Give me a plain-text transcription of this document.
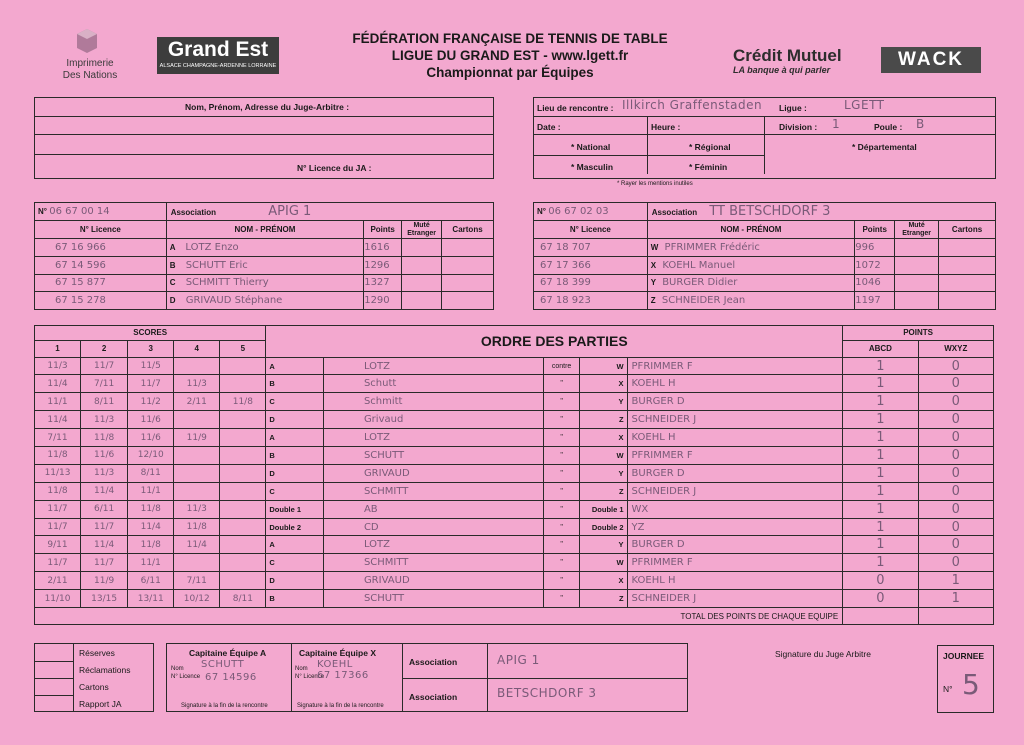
Imprimerie
Des Nations
Grand Est
ALSACE CHAMPAGNE-ARDENNE LORRAINE
FÉDÉRATION FRANÇAISE DE TENNIS DE TABLE
LIGUE DU GRAND EST - www.lgett.fr
Championnat par Équipes
Crédit Mutuel
LA banque à qui parler	WACK
Nom, Prénom, Adresse du Juge-Arbitre :
N° Licence du JA :
Lieu de rencontre : Illkirch Graffenstaden Ligue :	LGETT
Date :	Heure :	Division : 1	Poule : B
* National	* Régional	* Départemental
* Masculin	* Féminin
* Rayer les mentions inutiles
N° 06 67 00 14	Association APIG 1			
N° Licence	NOM - PRÉNOM	Points	Muté Etranger	Cartons
67 16 966	A LOTZ Enzo	1616		
67 14 596	B SCHUTT Eric	1296		
67 15 877	C SCHMITT Thierry	1327		
67 15 278	D GRIVAUD Stéphane	1290		
N° 06 67 02 03	Association TT BETSCHDORF 3			
N° Licence	NOM - PRÉNOM	Points	Muté Etranger	Cartons
67 18 707	W PFRIMMER Frédéric	996		
67 17 366	X KOEHL Manuel	1072		
67 18 399	Y BURGER Didier	1046		
67 18 923	Z SCHNEIDER Jean	1197		
SCORES					ORDRE DES PARTIES					POINTS	
1	2	3	4	5						ABCD	WXYZ
11/3	11/7	11/5			A	LOTZ	contre	W	PFRIMMER F	1	0
11/4	7/11	11/7	11/3		B	Schutt	"	X	KOEHL H	1	0
11/1	8/11	11/2	2/11	11/8	C	Schmitt	"	Y	BURGER D	1	0
11/4	11/3	11/6			D	Grivaud	"	Z	SCHNEIDER J	1	0
7/11	11/8	11/6	11/9		A	LOTZ	"	X	KOEHL H	1	0
11/8	11/6	12/10			B	SCHUTT	"	W	PFRIMMER F	1	0
11/13	11/3	8/11			D	GRIVAUD	"	Y	BURGER D	1	0
11/8	11/4	11/1			C	SCHMITT	"	Z	SCHNEIDER J	1	0
11/7	6/11	11/8	11/3		Double 1	AB	"	Double 1	WX	1	0
11/7	11/7	11/4	11/8		Double 2	CD	"	Double 2	YZ	1	0
9/11	11/4	11/8	11/4		A	LOTZ	"	Y	BURGER D	1	0
11/7	11/7	11/1			C	SCHMITT	"	W	PFRIMMER F	1	0
2/11	11/9	6/11	7/11		D	GRIVAUD	"	X	KOEHL H	0	1
11/10	13/15	13/11	10/12	8/11	B	SCHUTT	"	Z	SCHNEIDER J	0	1
TOTAL DES POINTS DE CHAQUE EQUIPE											
Réserves
Réclamations
Cartons
Rapport JA
Capitaine Équipe A
Nom
N° Licence
SCHUTT
67 14596
Signature à la fin de la rencontre
Capitaine Équipe X
Nom
N° Licence
KOEHL
67 17366
Signature à la fin de la rencontre
Association	APIG 1
Association	BETSCHDORF 3
Signature du Juge Arbitre	JOURNEE
N° 5
